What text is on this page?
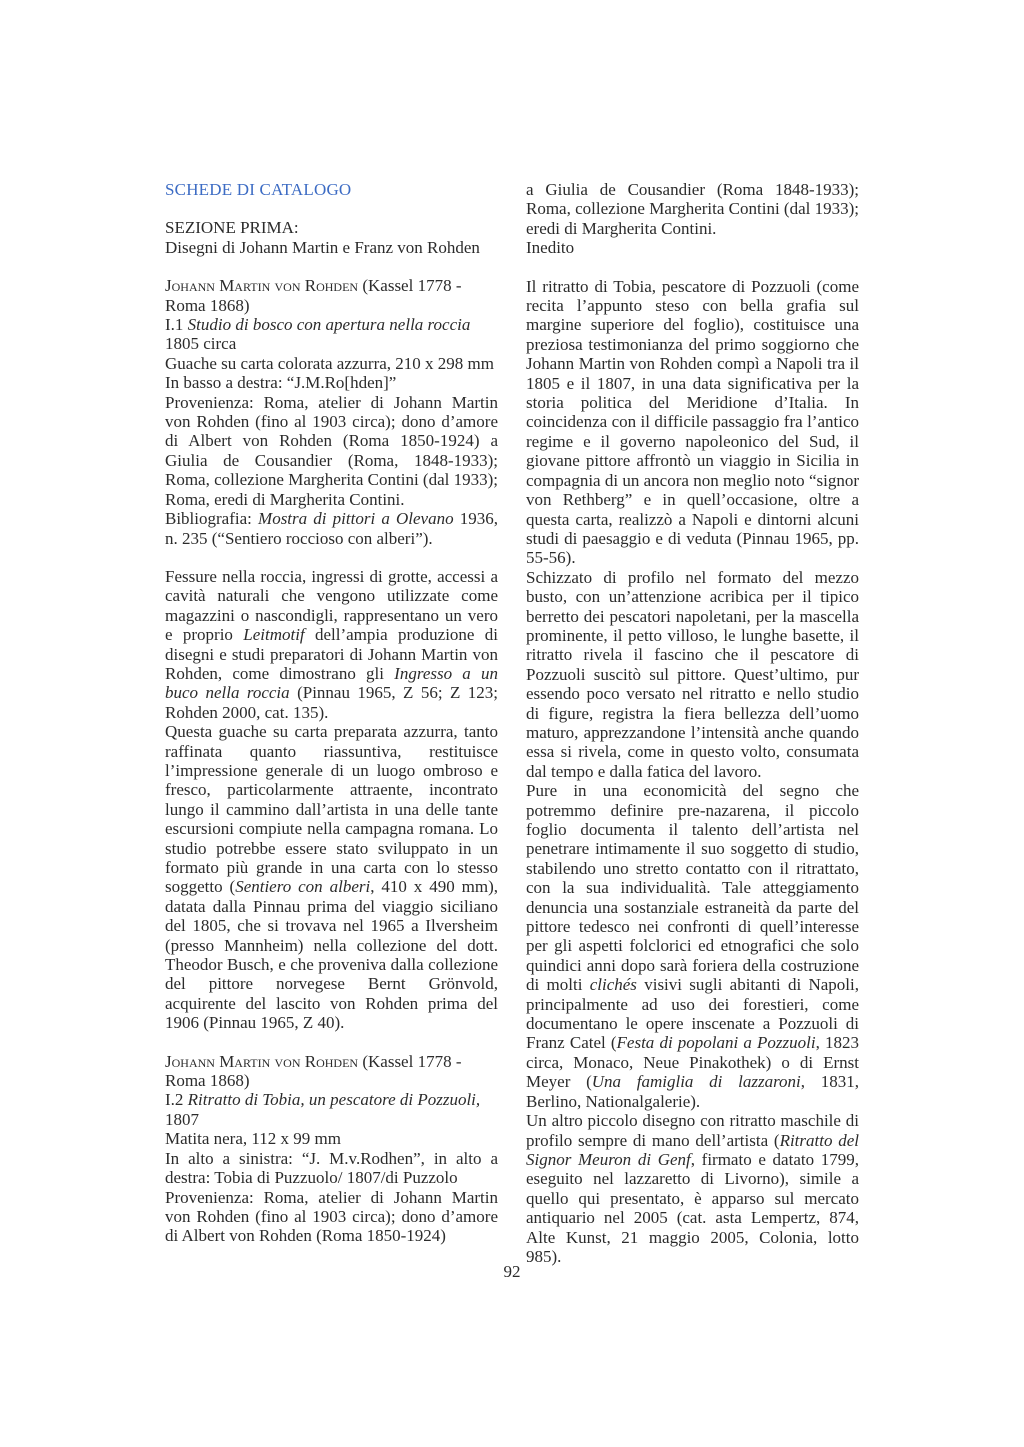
SCHEDE DI CATALOGO

SEZIONE PRIMA:

Disegni di Johann Martin e Franz von Rohden

Johann Martin von Rohden (Kassel 1778 - Roma 1868)

I.1 Studio di bosco con apertura nella roccia

1805 circa

Guache su carta colorata azzurra, 210 x 298 mm

In basso a destra: “J.M.Ro[hden]”

Provenienza: Roma, atelier di Johann Martin von Rohden (fino al 1903 circa); dono d’amore di Albert von Rohden (Roma 1850-1924) a Giulia de Cousandier (Roma, 1848-1933); Roma, collezione Margherita Contini (dal 1933); Roma, eredi di Margherita Contini.

Bibliografia: Mostra di pittori a Olevano 1936, n. 235 (“Sentiero roccioso con alberi”).

Fessure nella roccia, ingressi di grotte, accessi a cavità naturali che vengono utilizzate come magazzini o nascondigli, rappresentano un vero e proprio Leitmotif dell’ampia produzione di disegni e studi preparatori di Johann Martin von Rohden, come dimostrano gli Ingresso a un buco nella roccia (Pinnau 1965, Z 56; Z 123; Rohden 2000, cat. 135).

Questa guache su carta preparata azzurra, tanto raffinata quanto riassuntiva, restituisce l’impressione generale di un luogo ombroso e fresco, particolarmente attraente, incontrato lungo il cammino dall’artista in una delle tante escursioni compiute nella campagna romana. Lo studio potrebbe essere stato sviluppato in un formato più grande in una carta con lo stesso soggetto (Sentiero con alberi, 410 x 490 mm), datata dalla Pinnau prima del viaggio siciliano del 1805, che si trovava nel 1965 a Ilversheim (presso Mannheim) nella collezione del dott. Theodor Busch, e che proveniva dalla collezione del pittore norvegese Bernt Grönvold, acquirente del lascito von Rohden prima del 1906 (Pinnau 1965, Z 40).

Johann Martin von Rohden (Kassel 1778 - Roma 1868)

I.2 Ritratto di Tobia, un pescatore di Pozzuoli,

1807

Matita nera, 112 x 99 mm

In alto a sinistra: “J. M.v.Rodhen”, in alto a destra: Tobia di Puzzuolo/ 1807/di Puzzolo

Provenienza: Roma, atelier di Johann Martin von Rohden (fino al 1903 circa); dono d’amore di Albert von Rohden (Roma 1850-1924)

a Giulia de Cousandier (Roma 1848-1933); Roma, collezione Margherita Contini (dal 1933); eredi di Margherita Contini.

Inedito

Il ritratto di Tobia, pescatore di Pozzuoli (come recita l’appunto steso con bella grafia sul margine superiore del foglio), costituisce una preziosa testimonianza del primo soggiorno che Johann Martin von Rohden compì a Napoli tra il 1805 e il 1807, in una data significativa per la storia politica del Meridione d’Italia. In coincidenza con il difficile passaggio fra l’antico regime e il governo napoleonico del Sud, il giovane pittore affrontò un viaggio in Sicilia in compagnia di un ancora non meglio noto “signor von Rethberg” e in quell’occasione, oltre a questa carta, realizzò a Napoli e dintorni alcuni studi di paesaggio e di veduta (Pinnau 1965, pp. 55-56).

Schizzato di profilo nel formato del mezzo busto, con un’attenzione acribica per il tipico berretto dei pescatori napoletani, per la mascella prominente, il petto villoso, le lunghe basette, il ritratto rivela il fascino che il pescatore di Pozzuoli suscitò sul pittore. Quest’ultimo, pur essendo poco versato nel ritratto e nello studio di figure, registra la fiera bellezza dell’uomo maturo, apprezzandone l’intensità anche quando essa si rivela, come in questo volto, consumata dal tempo e dalla fatica del lavoro.

Pure in una economicità del segno che potremmo definire pre-nazarena, il piccolo foglio documenta il talento dell’artista nel penetrare intimamente il suo soggetto di studio, stabilendo uno stretto contatto con il ritrattato, con la sua individualità. Tale atteggiamento denuncia una sostanziale estraneità da parte del pittore tedesco nei confronti di quell’interesse per gli aspetti folclorici ed etnografici che solo quindici anni dopo sarà foriera della costruzione di molti clichés visivi sugli abitanti di Napoli, principalmente ad uso dei forestieri, come documentano le opere inscenate a Pozzuoli di Franz Catel (Festa di popolani a Pozzuoli, 1823 circa, Monaco, Neue Pinakothek) o di Ernst Meyer (Una famiglia di lazzaroni, 1831, Berlino, Nationalgalerie).

Un altro piccolo disegno con ritratto maschile di profilo sempre di mano dell’artista (Ritratto del Signor Meuron di Genf, firmato e datato 1799, eseguito nel lazzaretto di Livorno), simile a quello qui presentato, è apparso sul mercato antiquario nel 2005 (cat. asta Lempertz, 874, Alte Kunst, 21 maggio 2005, Colonia, lotto 985).

92
